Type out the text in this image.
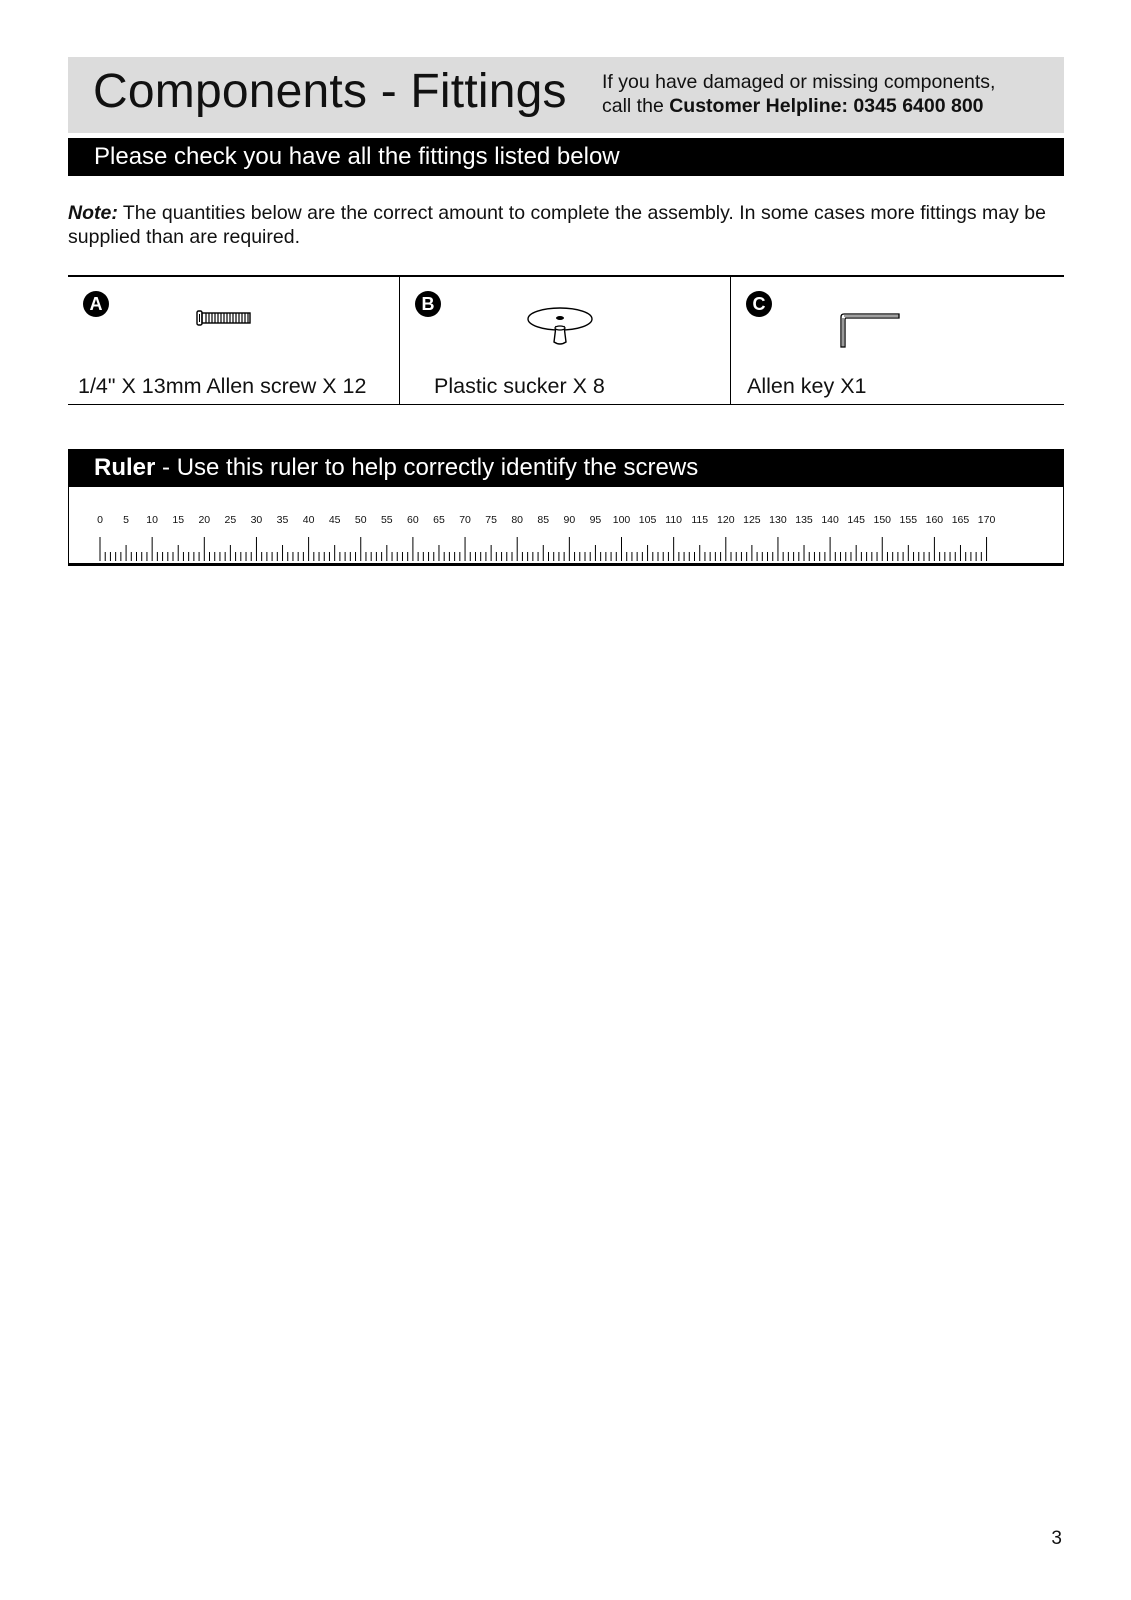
Components - Fittings If you have damaged or missing components,
call the Customer Helpline: 0345 6400 800
Please check you have all the fittings listed below
Note: The quantities below are the correct amount to complete the assembly. In some cases more fittings may be supplied than are required.
A
1/4" X 13mm Allen screw X 12
B
Plastic sucker X 8
C
Allen key X1
Ruler - Use this ruler to help correctly identify the screws
0 5 10 15 20 25 30 35 40 45 50 55 60 65 70 75 80 85 90 95 100 105 110 115 120 125 130 135 140 145 150 155 160 165 170
3
